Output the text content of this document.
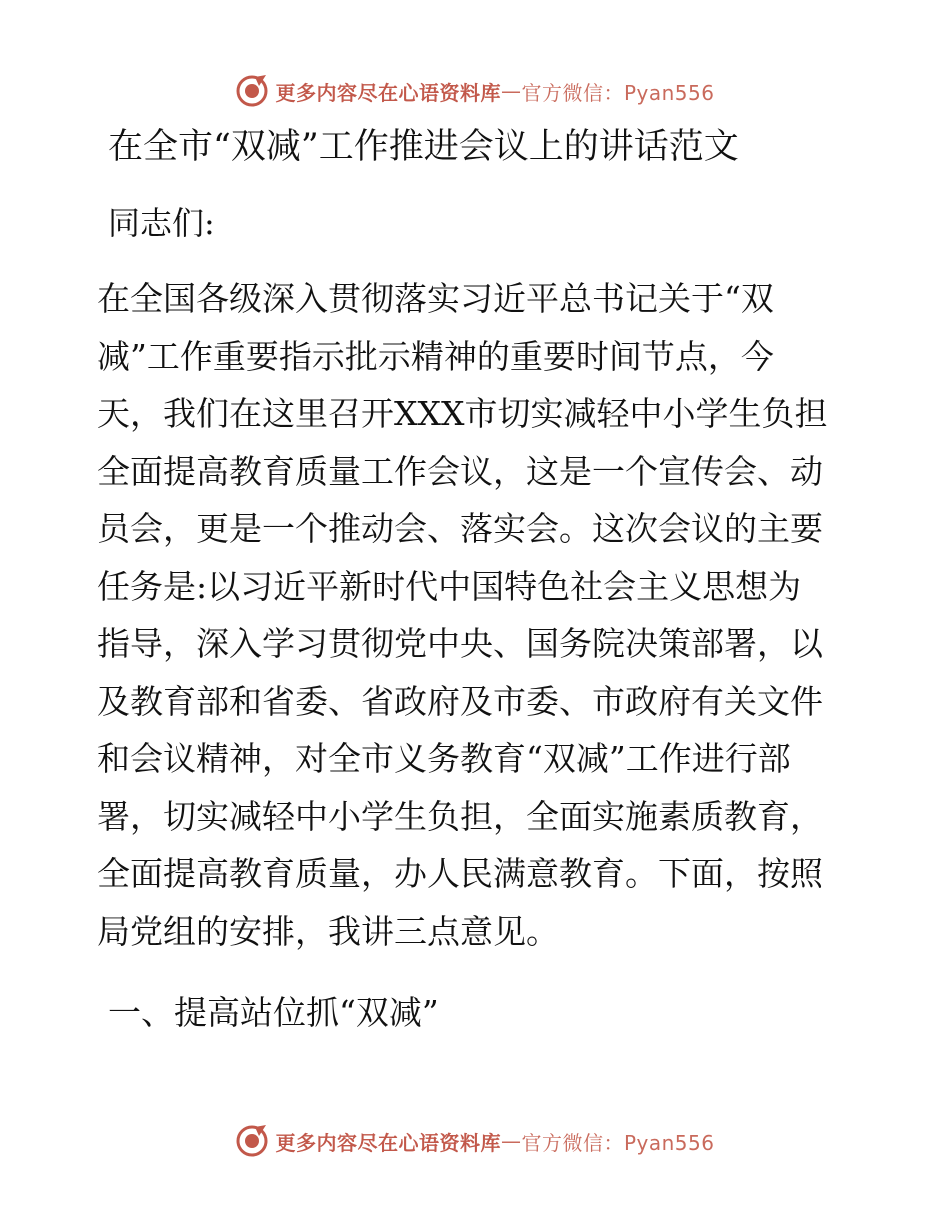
更多内容尽在心语资料库 — 官方微信：Pyan556
在全市“双减”工作推进会议上的讲话范文
同志们:
在全国各级深入贯彻落实习近平总书记关于“双
减”工作重要指示批示精神的重要时间节点，今
天，我们在这里召开XXX市切实减轻中小学生负担
全面提高教育质量工作会议，这是一个宣传会、动
员会，更是一个推动会、落实会。这次会议的主要
任务是:以习近平新时代中国特色社会主义思想为
指导，深入学习贯彻党中央、国务院决策部署，以
及教育部和省委、省政府及市委、市政府有关文件
和会议精神，对全市义务教育“双减”工作进行部
署，切实减轻中小学生负担，全面实施素质教育，
全面提高教育质量，办人民满意教育。下面，按照
局党组的安排，我讲三点意见。
一、提高站位抓“双减”
更多内容尽在心语资料库 — 官方微信：Pyan556
